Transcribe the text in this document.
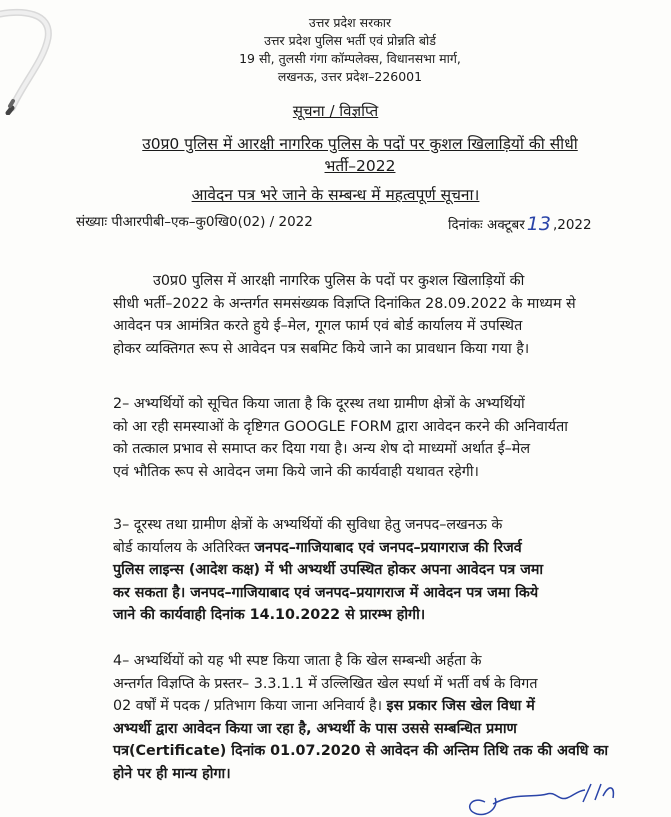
उत्तर प्रदेश सरकार
उत्तर प्रदेश पुलिस भर्ती एवं प्रोन्नति बोर्ड
19 सी, तुलसी गंगा कॉम्पलेक्स, विधानसभा मार्ग,
लखनऊ, उत्तर प्रदेश–226001
सूचना / विज्ञप्ति
उ0प्र0 पुलिस में आरक्षी नागरिक पुलिस के पदों पर कुशल खिलाड़ियों की सीधी
भर्ती–2022
आवेदन पत्र भरे जाने के सम्बन्ध में महत्वपूर्ण सूचना।
संख्याः पीआरपीबी–एक–कु0खि0(02) / 2022	दिनांकः अक्टूबर 13 ,2022
उ0प्र0 पुलिस में आरक्षी नागरिक पुलिस के पदों पर कुशल खिलाड़ियों की
सीधी भर्ती–2022 के अन्तर्गत समसंख्यक विज्ञप्ति दिनांकित 28.09.2022 के माध्यम से
आवेदन पत्र आमंत्रित करते हुये ई–मेल, गूगल फार्म एवं बोर्ड कार्यालय में उपस्थित
होकर व्यक्तिगत रूप से आवेदन पत्र सबमिट किये जाने का प्रावधान किया गया है।
2– अभ्यर्थियों को सूचित किया जाता है कि दूरस्थ तथा ग्रामीण क्षेत्रों के अभ्यर्थियों
को आ रही समस्याओं के दृष्टिगत GOOGLE FORM द्वारा आवेदन करने की अनिवार्यता
को तत्काल प्रभाव से समाप्त कर दिया गया है। अन्य शेष दो माध्यमों अर्थात ई–मेल
एवं भौतिक रूप से आवेदन जमा किये जाने की कार्यवाही यथावत रहेगी।
3– दूरस्थ तथा ग्रामीण क्षेत्रों के अभ्यर्थियों की सुविधा हेतु जनपद–लखनऊ के
बोर्ड कार्यालय के अतिरिक्त जनपद–गाजियाबाद एवं जनपद–प्रयागराज की रिजर्व
पुलिस लाइन्स (आदेश कक्ष) में भी अभ्यर्थी उपस्थित होकर अपना आवेदन पत्र जमा
कर सकता है। जनपद–गाजियाबाद एवं जनपद–प्रयागराज में आवेदन पत्र जमा किये
जाने की कार्यवाही दिनांक 14.10.2022 से प्रारम्भ होगी।
4– अभ्यर्थियों को यह भी स्पष्ट किया जाता है कि खेल सम्बन्धी अर्हता के
अन्तर्गत विज्ञप्ति के प्रस्तर– 3.3.1.1 में उल्लिखित खेल स्पर्धा में भर्ती वर्ष के विगत
02 वर्षों में पदक / प्रतिभाग किया जाना अनिवार्य है। इस प्रकार जिस खेल विधा में
अभ्यर्थी द्वारा आवेदन किया जा रहा है, अभ्यर्थी के पास उससे सम्बन्धित प्रमाण
पत्र(Certificate) दिनांक 01.07.2020 से आवेदन की अन्तिम तिथि तक की अवधि का
होने पर ही मान्य होगा।
